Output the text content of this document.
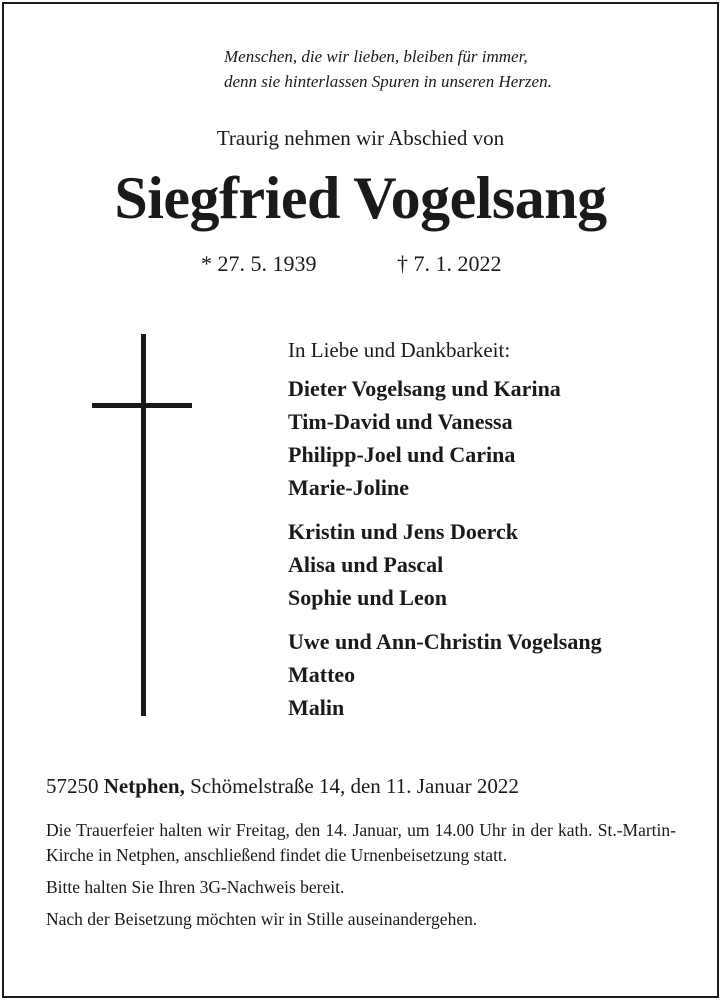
Menschen, die wir lieben, bleiben für immer,
denn sie hinterlassen Spuren in unseren Herzen.
Traurig nehmen wir Abschied von
Siegfried Vogelsang
* 27. 5. 1939	† 7. 1. 2022
In Liebe und Dankbarkeit:
Dieter Vogelsang und Karina
Tim-David und Vanessa
Philipp-Joel und Carina
Marie-Joline
Kristin und Jens Doerck
Alisa und Pascal
Sophie und Leon
Uwe und Ann-Christin Vogelsang
Matteo
Malin
57250 Netphen, Schömelstraße 14, den 11. Januar 2022

Die Trauerfeier halten wir Freitag, den 14. Januar, um 14.00 Uhr in der kath. St.-Martin-Kirche in Netphen, anschließend findet die Urnenbeisetzung statt.

Bitte halten Sie Ihren 3G-Nachweis bereit.

Nach der Beisetzung möchten wir in Stille auseinandergehen.
